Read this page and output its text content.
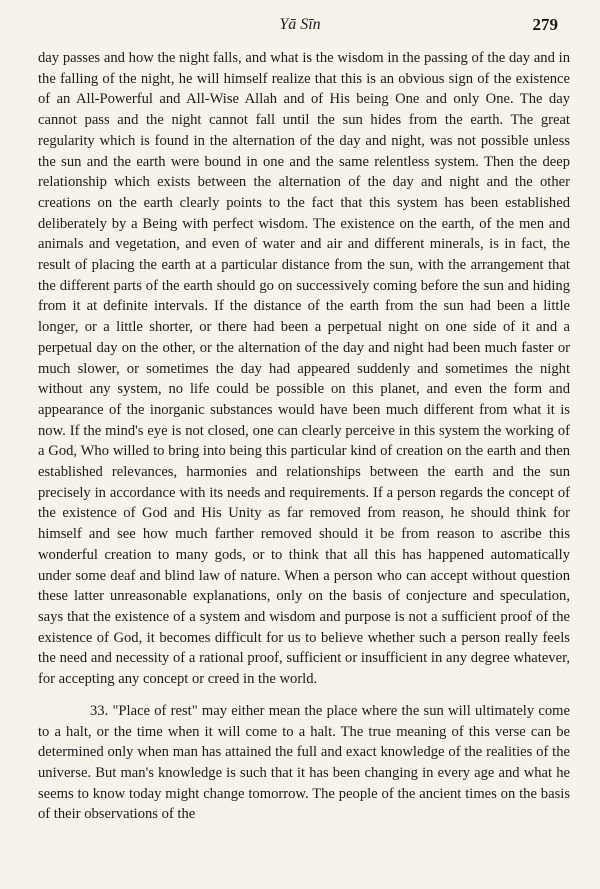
Yā Sīn	279

day passes and how the night falls, and what is the wisdom in the passing of the day and in the falling of the night, he will himself realize that this is an obvious sign of the existence of an All-Powerful and All-Wise Allah and of His being One and only One. The day cannot pass and the night cannot fall until the sun hides from the earth. The great regularity which is found in the alternation of the day and night, was not possible unless the sun and the earth were bound in one and the same relentless system. Then the deep relationship which exists between the alternation of the day and night and the other creations on the earth clearly points to the fact that this system has been established deliberately by a Being with perfect wisdom. The existence on the earth, of the men and animals and vegetation, and even of water and air and different minerals, is in fact, the result of placing the earth at a particular distance from the sun, with the arrangement that the different parts of the earth should go on successively coming before the sun and hiding from it at definite intervals. If the distance of the earth from the sun had been a little longer, or a little shorter, or there had been a perpetual night on one side of it and a perpetual day on the other, or the alternation of the day and night had been much faster or much slower, or sometimes the day had appeared suddenly and sometimes the night without any system, no life could be possible on this planet, and even the form and appearance of the inorganic substances would have been much different from what it is now. If the mind's eye is not closed, one can clearly perceive in this system the working of a God, Who willed to bring into being this particular kind of creation on the earth and then established relevances, harmonies and relationships between the earth and the sun precisely in accordance with its needs and requirements. If a person regards the concept of the existence of God and His Unity as far removed from reason, he should think for himself and see how much farther removed should it be from reason to ascribe this wonderful creation to many gods, or to think that all this has happened automatically under some deaf and blind law of nature. When a person who can accept without question these latter unreasonable explanations, only on the basis of conjecture and speculation, says that the existence of a system and wisdom and purpose is not a sufficient proof of the existence of God, it becomes difficult for us to believe whether such a person really feels the need and necessity of a rational proof, sufficient or insufficient in any degree whatever, for accepting any concept or creed in the world.

33. "Place of rest" may either mean the place where the sun will ultimately come to a halt, or the time when it will come to a halt. The true meaning of this verse can be determined only when man has attained the full and exact knowledge of the realities of the universe. But man's knowledge is such that it has been changing in every age and what he seems to know today might change tomorrow. The people of the ancient times on the basis of their observations of the
